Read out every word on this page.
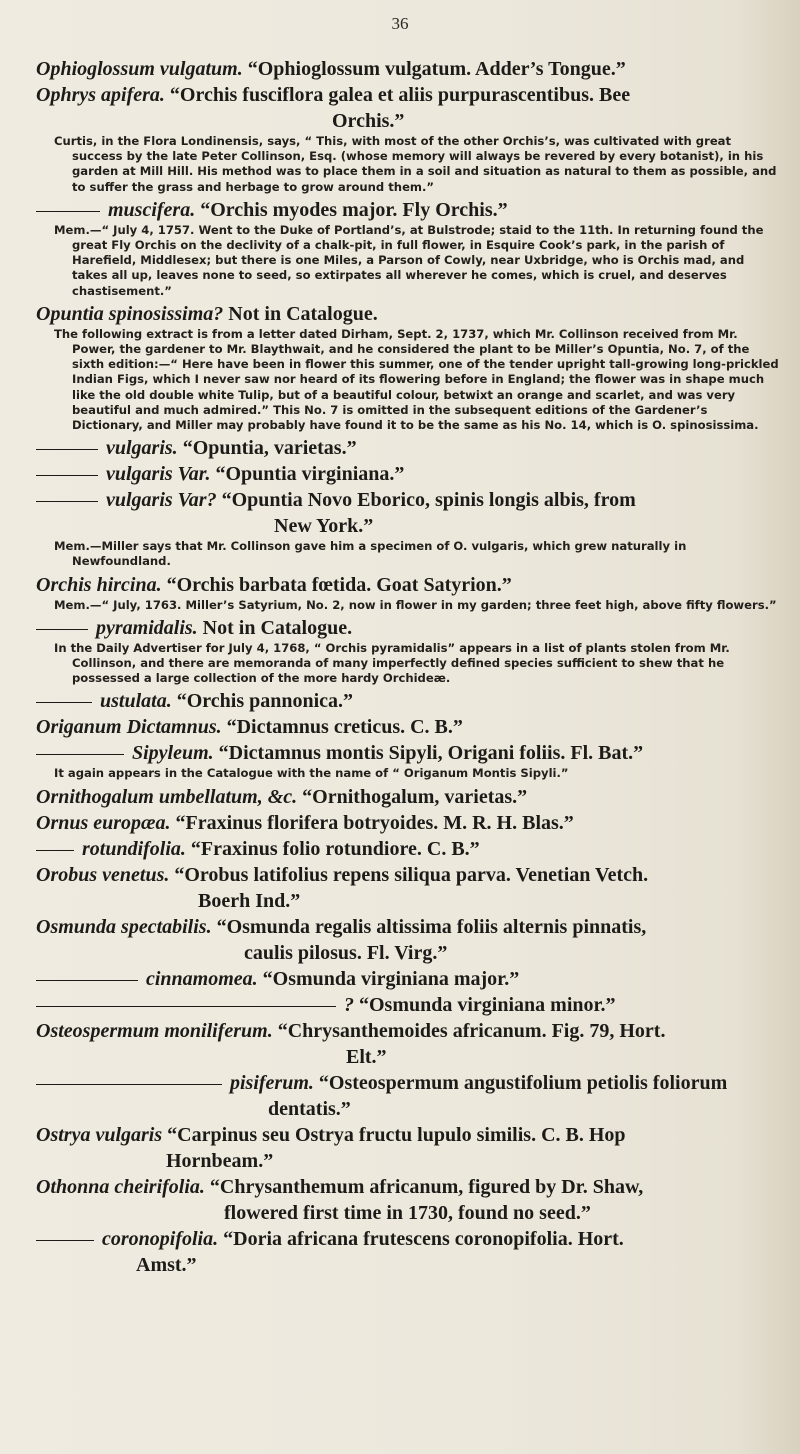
36

Ophioglossum vulgatum. “Ophioglossum vulgatum. Adder’s Tongue.”

Ophrys apifera. “Orchis fusciflora galea et aliis purpurascentibus. Bee
Orchis.”

Curtis, in the Flora Londinensis, says, “ This, with most of the other Orchis’s, was cultivated with great success by the late Peter Collinson, Esq. (whose memory will always be revered by every botanist), in his garden at Mill Hill. His method was to place them in a soil and situation as natural to them as possible, and to suffer the grass and herbage to grow around them.”

muscifera. “Orchis myodes major. Fly Orchis.”

Mem.—“ July 4, 1757. Went to the Duke of Portland’s, at Bulstrode; staid to the 11th. In returning found the great Fly Orchis on the declivity of a chalk-pit, in full flower, in Esquire Cook’s park, in the parish of Harefield, Middlesex; but there is one Miles, a Parson of Cowly, near Uxbridge, who is Orchis mad, and takes all up, leaves none to seed, so extirpates all wherever he comes, which is cruel, and deserves chastisement.”

Opuntia spinosissima? Not in Catalogue.

The following extract is from a letter dated Dirham, Sept. 2, 1737, which Mr. Collinson received from Mr. Power, the gardener to Mr. Blaythwait, and he considered the plant to be Miller’s Opuntia, No. 7, of the sixth edition:—“ Here have been in flower this summer, one of the tender upright tall-growing long-prickled Indian Figs, which I never saw nor heard of its flowering before in England; the flower was in shape much like the old double white Tulip, but of a beautiful colour, betwixt an orange and scarlet, and was very beautiful and much admired.” This No. 7 is omitted in the subsequent editions of the Gardener’s Dictionary, and Miller may probably have found it to be the same as his No. 14, which is O. spinosissima.

vulgaris. “Opuntia, varietas.”

vulgaris Var. “Opuntia virginiana.”

vulgaris Var? “Opuntia Novo Eborico, spinis longis albis, from
New York.”

Mem.—Miller says that Mr. Collinson gave him a specimen of O. vulgaris, which grew naturally in Newfoundland.

Orchis hircina. “Orchis barbata fœtida. Goat Satyrion.”

Mem.—“ July, 1763. Miller’s Satyrium, No. 2, now in flower in my garden; three feet high, above fifty flowers.”

pyramidalis. Not in Catalogue.

In the Daily Advertiser for July 4, 1768, “ Orchis pyramidalis” appears in a list of plants stolen from Mr. Collinson, and there are memoranda of many imperfectly defined species sufficient to shew that he possessed a large collection of the more hardy Orchideæ.

ustulata. “Orchis pannonica.”

Origanum Dictamnus. “Dictamnus creticus. C. B.”

Sipyleum. “Dictamnus montis Sipyli, Origani foliis. Fl. Bat.”

It again appears in the Catalogue with the name of “ Origanum Montis Sipyli.”

Ornithogalum umbellatum, &c. “Ornithogalum, varietas.”

Ornus europæa. “Fraxinus florifera botryoides. M. R. H. Blas.”

rotundifolia. “Fraxinus folio rotundiore. C. B.”

Orobus venetus. “Orobus latifolius repens siliqua parva. Venetian Vetch.
Boerh Ind.”

Osmunda spectabilis. “Osmunda regalis altissima foliis alternis pinnatis,
caulis pilosus. Fl. Virg.”

cinnamomea. “Osmunda virginiana major.”

? “Osmunda virginiana minor.”

Osteospermum moniliferum. “Chrysanthemoides africanum. Fig. 79, Hort.
Elt.”

pisiferum. “Osteospermum angustifolium petiolis foliorum
dentatis.”

Ostrya vulgaris “Carpinus seu Ostrya fructu lupulo similis. C. B. Hop
Hornbeam.”

Othonna cheirifolia. “Chrysanthemum africanum, figured by Dr. Shaw,
flowered first time in 1730, found no seed.”

coronopifolia. “Doria africana frutescens coronopifolia. Hort.
Amst.”
